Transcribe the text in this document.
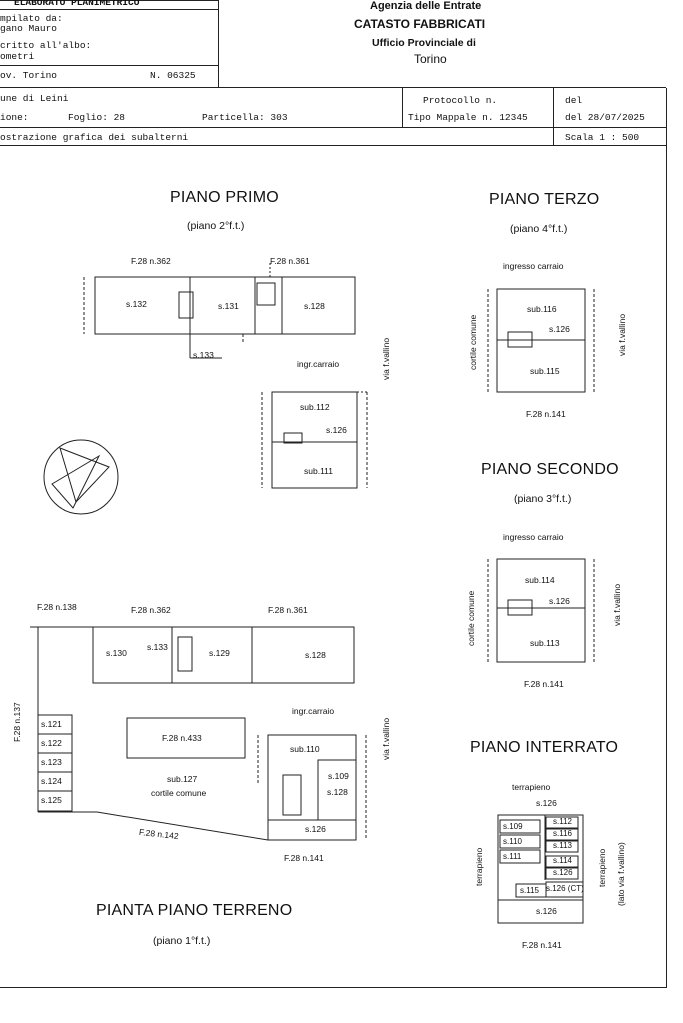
ELABORATO PLANIMETRICO
mpilato da:
gano Mauro
critto all'albo:
ometri
ov. Torino	N. 06325
Agenzia delle Entrate
CATASTO FABBRICATI
Ufficio Provinciale di
Torino
une di Leini
ione:	Foglio: 28	Particella: 303
Protocollo n.	del
Tipo Mappale n. 12345	del 28/07/2025
ostrazione grafica dei subalterni	Scala 1 : 500
PIANO PRIMO
(piano 2°f.t.)
F.28 n.362	F.28 n.361
s.132	s.131	s.128
s.133
ingr.carraio	via f.vallino
sub.112
s.126
sub.111
PIANO TERZO
(piano 4°f.t.)
ingresso carraio
sub.116
s.126
sub.115
cortile comune	via f.vallino
F.28 n.141
PIANO SECONDO
(piano 3°f.t.)
ingresso carraio
sub.114
s.126
sub.113
cortile comune	via f.vallino
F.28 n.141
F.28 n.138	F.28 n.362	F.28 n.361
F.28 n.137
s.130
s.133
s.129	s.128
ingr.carraio
via f.vallino
s.121
s.122
s.123
s.124
s.125
F.28 n.433
sub.127
cortile comune
sub.110
s.109
s.128
s.126
F.28 n.142
F.28 n.141
PIANTA PIANO TERRENO
(piano 1°f.t.)
PIANO INTERRATO
terrapieno
s.126
s.109
s.110
s.111
s.112
s.116
s.113
s.114
s.126
s.115 s.126 (CT)
s.126
terrapieno	terrapieno (lato via f.vallino)
F.28 n.141
